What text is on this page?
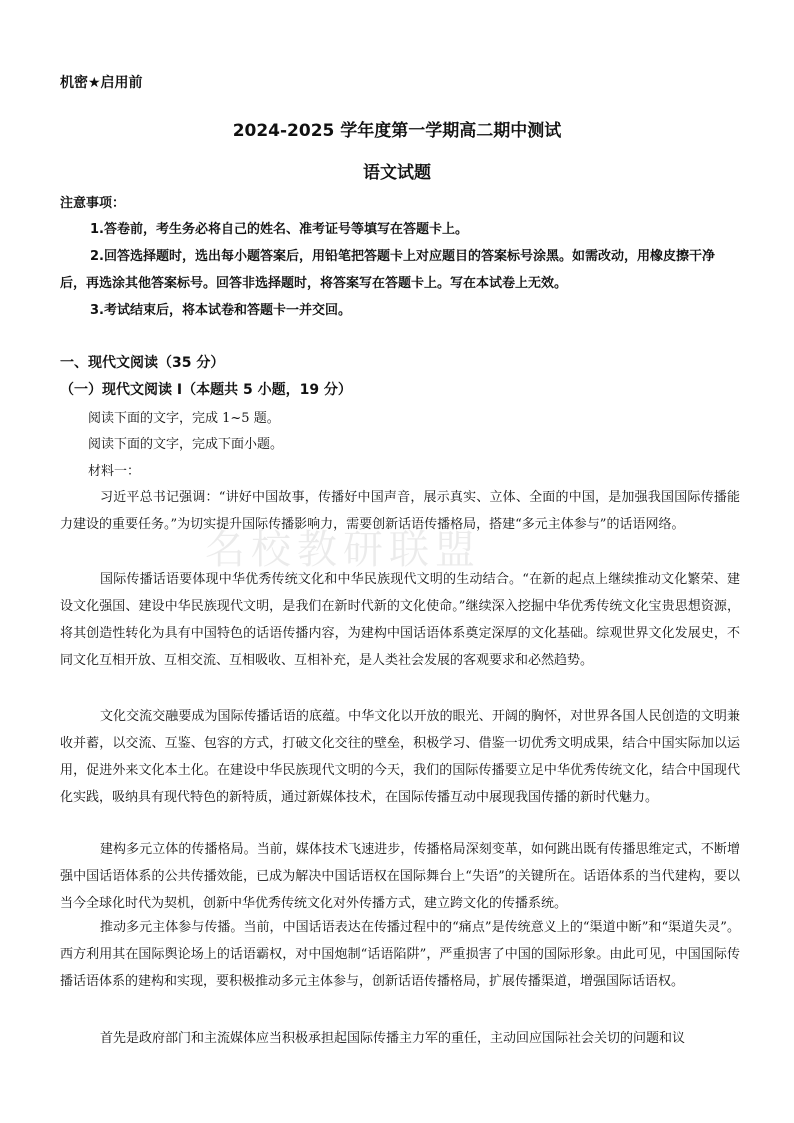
机密★启用前
2024-2025 学年度第一学期高二期中测试
语文试题
注意事项：
1.答卷前，考生务必将自己的姓名、准考证号等填写在答题卡上。
2.回答选择题时，选出每小题答案后，用铅笔把答题卡上对应题目的答案标号涂黑。如需改动，用橡皮擦干净后，再选涂其他答案标号。回答非选择题时，将答案写在答题卡上。写在本试卷上无效。
3.考试结束后，将本试卷和答题卡一并交回。
一、现代文阅读（35 分）
（一）现代文阅读 I（本题共 5 小题，19 分）
阅读下面的文字，完成 1~5 题。
阅读下面的文字，完成下面小题。
材料一：
习近平总书记强调：“讲好中国故事，传播好中国声音，展示真实、立体、全面的中国，是加强我国国际传播能力建设的重要任务。”为切实提升国际传播影响力，需要创新话语传播格局，搭建“多元主体参与”的话语网络。
国际传播话语要体现中华优秀传统文化和中华民族现代文明的生动结合。“在新的起点上继续推动文化繁荣、建设文化强国、建设中华民族现代文明，是我们在新时代新的文化使命。”继续深入挖掘中华优秀传统文化宝贵思想资源，将其创造性转化为具有中国特色的话语传播内容，为建构中国话语体系奠定深厚的文化基础。综观世界文化发展史，不同文化互相开放、互相交流、互相吸收、互相补充，是人类社会发展的客观要求和必然趋势。
文化交流交融要成为国际传播话语的底蕴。中华文化以开放的眼光、开阔的胸怀，对世界各国人民创造的文明兼收并蓄，以交流、互鉴、包容的方式，打破文化交往的壁垒，积极学习、借鉴一切优秀文明成果，结合中国实际加以运用，促进外来文化本土化。在建设中华民族现代文明的今天，我们的国际传播要立足中华优秀传统文化，结合中国现代化实践，吸纳具有现代特色的新特质，通过新媒体技术，在国际传播互动中展现我国传播的新时代魅力。
建构多元立体的传播格局。当前，媒体技术飞速进步，传播格局深刻变革，如何跳出既有传播思维定式，不断增强中国话语体系的公共传播效能，已成为解决中国话语权在国际舞台上“失语”的关键所在。话语体系的当代建构，要以当今全球化时代为契机，创新中华优秀传统文化对外传播方式，建立跨文化的传播系统。
推动多元主体参与传播。当前，中国话语表达在传播过程中的“痛点”是传统意义上的“渠道中断”和“渠道失灵”。西方利用其在国际舆论场上的话语霸权，对中国炮制“话语陷阱”，严重损害了中国的国际形象。由此可见，中国国际传播话语体系的建构和实现，要积极推动多元主体参与，创新话语传播格局，扩展传播渠道，增强国际话语权。
首先是政府部门和主流媒体应当积极承担起国际传播主力军的重任，主动回应国际社会关切的问题和议
名校教研联盟
